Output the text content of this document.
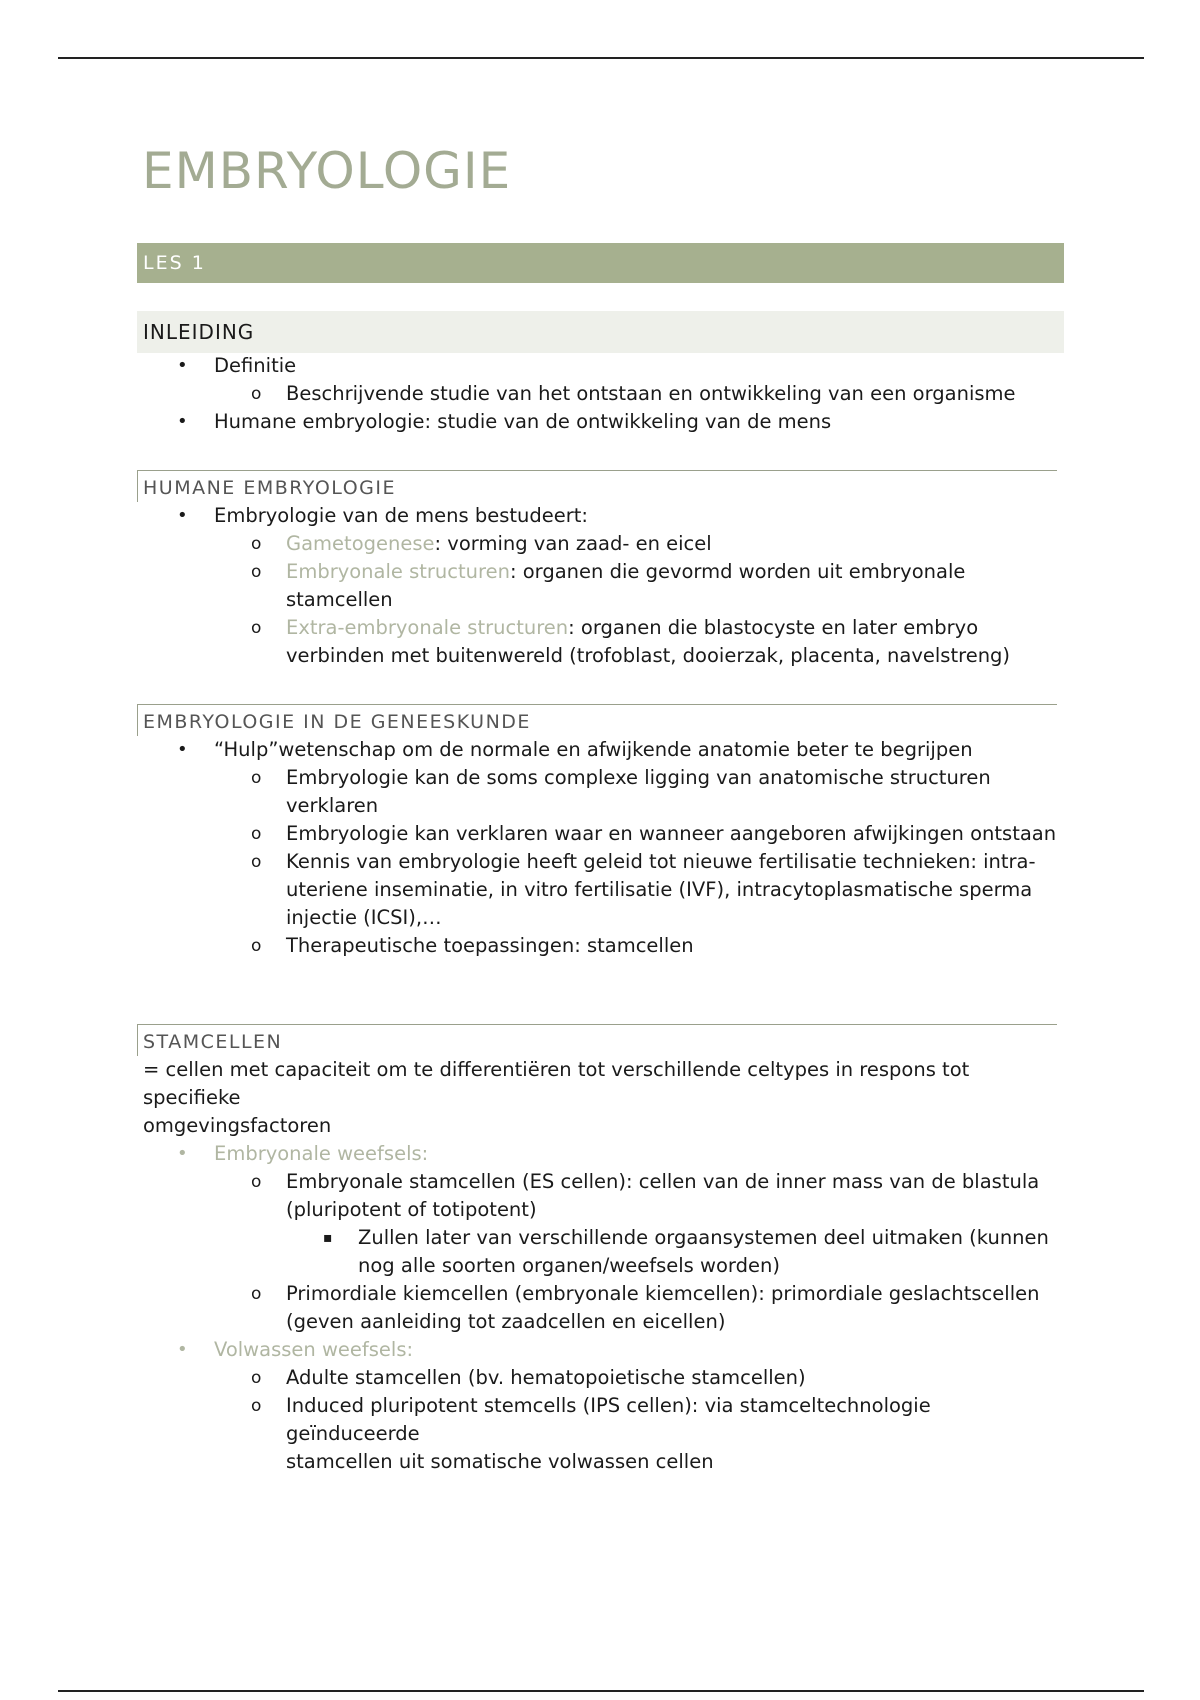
EMBRYOLOGIE
LES 1
INLEIDING
• Definitie
o Beschrijvende studie van het ontstaan en ontwikkeling van een organisme
• Humane embryologie: studie van de ontwikkeling van de mens
HUMANE EMBRYOLOGIE
• Embryologie van de mens bestudeert:
o Gametogenese: vorming van zaad- en eicel
o Embryonale structuren: organen die gevormd worden uit embryonale stamcellen
o Extra-embryonale structuren: organen die blastocyste en later embryo
verbinden met buitenwereld (trofoblast, dooierzak, placenta, navelstreng)
EMBRYOLOGIE IN DE GENEESKUNDE
• “Hulp”wetenschap om de normale en afwijkende anatomie beter te begrijpen
o Embryologie kan de soms complexe ligging van anatomische structuren
verklaren
o Embryologie kan verklaren waar en wanneer aangeboren afwijkingen ontstaan
o Kennis van embryologie heeft geleid tot nieuwe fertilisatie technieken: intra-
uteriene inseminatie, in vitro fertilisatie (IVF), intracytoplasmatische sperma
injectie (ICSI),…
o Therapeutische toepassingen: stamcellen
STAMCELLEN
= cellen met capaciteit om te differentiëren tot verschillende celtypes in respons tot specifieke
omgevingsfactoren
• Embryonale weefsels:
o Embryonale stamcellen (ES cellen): cellen van de inner mass van de blastula
(pluripotent of totipotent)
▪ Zullen later van verschillende orgaansystemen deel uitmaken (kunnen
nog alle soorten organen/weefsels worden)
o Primordiale kiemcellen (embryonale kiemcellen): primordiale geslachtscellen
(geven aanleiding tot zaadcellen en eicellen)
• Volwassen weefsels:
o Adulte stamcellen (bv. hematopoietische stamcellen)
o Induced pluripotent stemcells (IPS cellen): via stamceltechnologie geïnduceerde
stamcellen uit somatische volwassen cellen
